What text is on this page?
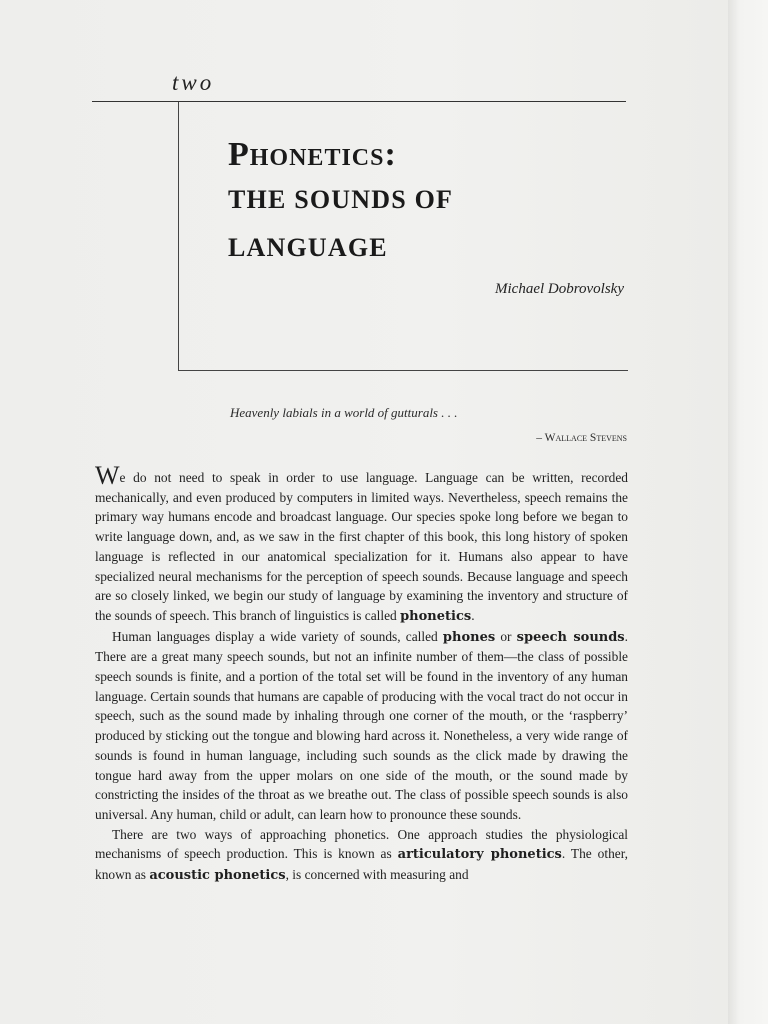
two
Phonetics:
THE SOUNDS OF
LANGUAGE
Michael Dobrovolsky
Heavenly labials in a world of gutturals . . .
– Wallace Stevens

We do not need to speak in order to use language. Language can be written, recorded mechanically, and even produced by computers in limited ways. Nevertheless, speech remains the primary way humans encode and broadcast language. Our species spoke long before we began to write language down, and, as we saw in the first chapter of this book, this long history of spoken language is reflected in our anatomical specialization for it. Humans also appear to have specialized neural mechanisms for the perception of speech sounds. Because language and speech are so closely linked, we begin our study of language by examining the inventory and structure of the sounds of speech. This branch of linguistics is called phonetics.

Human languages display a wide variety of sounds, called phones or speech sounds. There are a great many speech sounds, but not an infinite number of them—the class of possible speech sounds is finite, and a portion of the total set will be found in the inventory of any human language. Certain sounds that humans are capable of producing with the vocal tract do not occur in speech, such as the sound made by inhaling through one corner of the mouth, or the ‘raspberry’ produced by sticking out the tongue and blowing hard across it. Nonetheless, a very wide range of sounds is found in human language, including such sounds as the click made by drawing the tongue hard away from the upper molars on one side of the mouth, or the sound made by constricting the insides of the throat as we breathe out. The class of possible speech sounds is also universal. Any human, child or adult, can learn how to pronounce these sounds.

There are two ways of approaching phonetics. One approach studies the physiological mechanisms of speech production. This is known as articulatory phonetics. The other, known as acoustic phonetics, is concerned with measuring and
